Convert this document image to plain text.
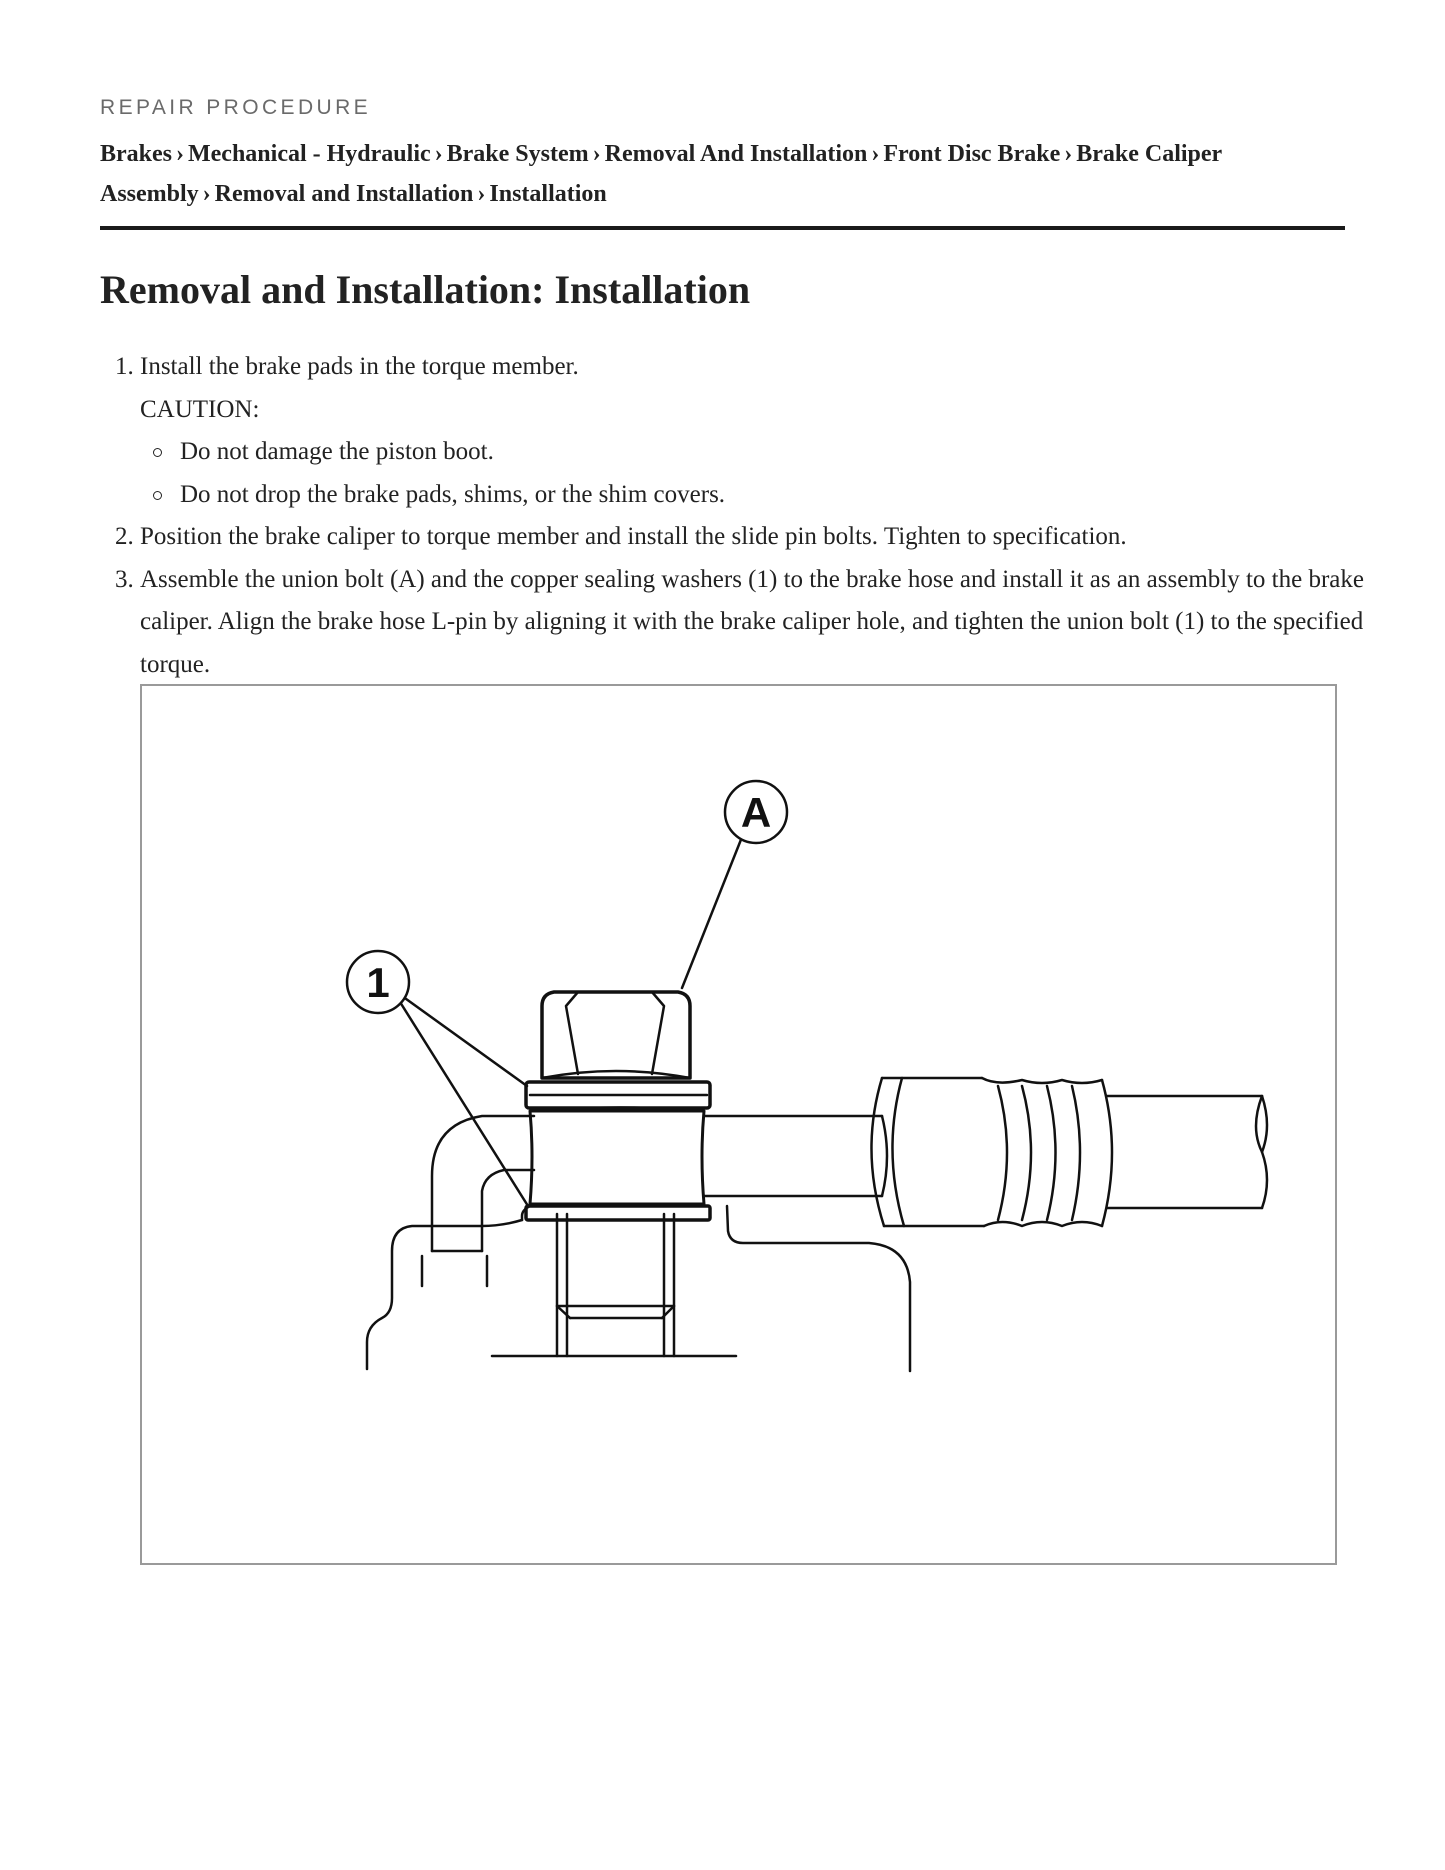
REPAIR PROCEDURE
Brakes › Mechanical - Hydraulic › Brake System › Removal And Installation › Front Disc Brake › Brake Caliper Assembly › Removal and Installation › Installation
Removal and Installation: Installation
1. Install the brake pads in the torque member.
CAUTION:
Do not damage the piston boot.
Do not drop the brake pads, shims, or the shim covers.
2. Position the brake caliper to torque member and install the slide pin bolts. Tighten to specification.
3. Assemble the union bolt (A) and the copper sealing washers (1) to the brake hose and install it as an assembly to the brake caliper. Align the brake hose L-pin by aligning it with the brake caliper hole, and tighten the union bolt (1) to the specified torque.
A
1
